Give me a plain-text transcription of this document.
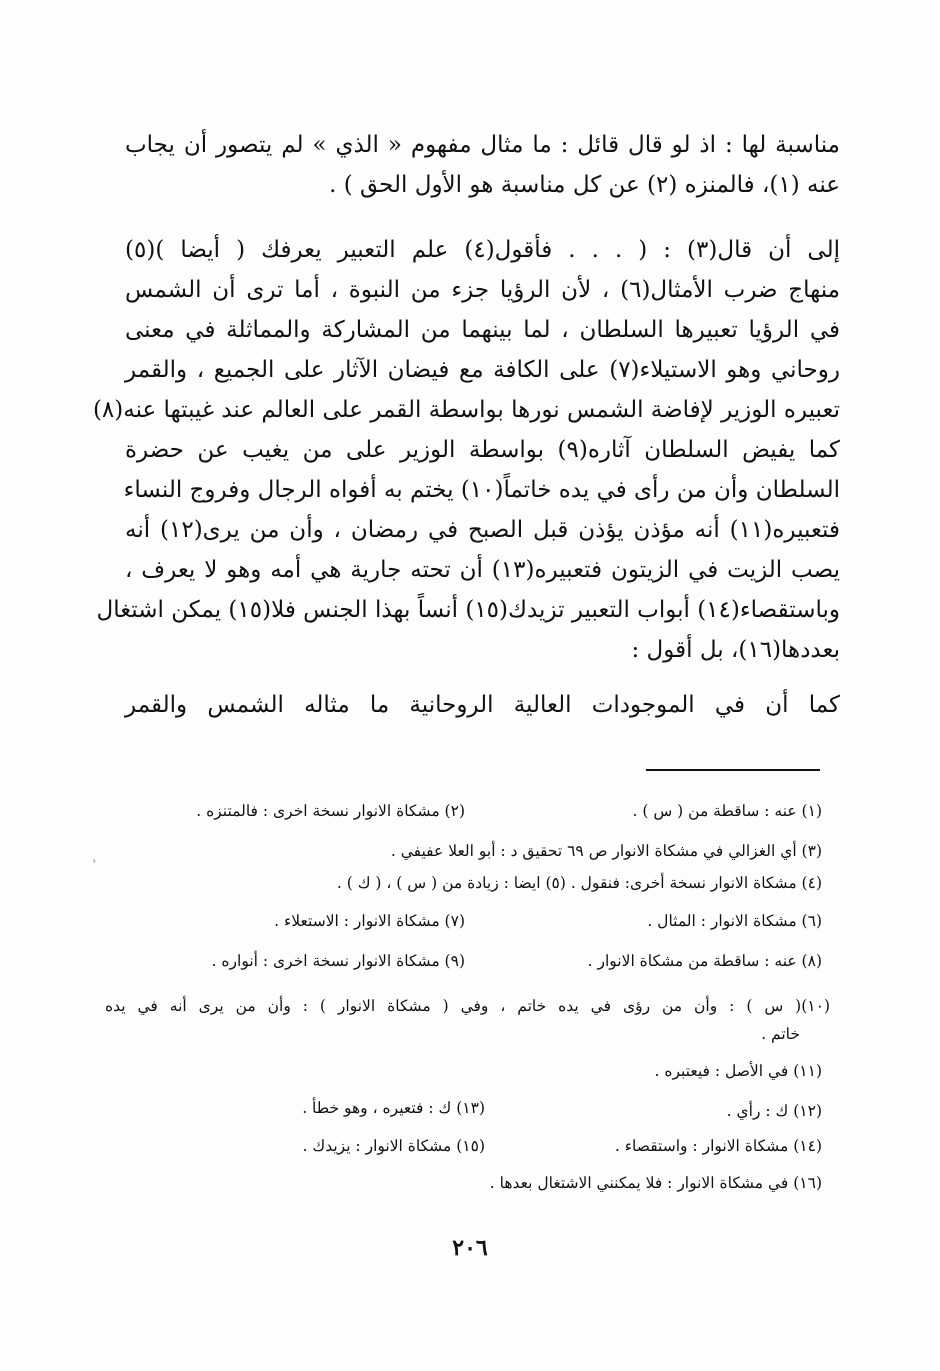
مناسبة لها : اذ لو قال قائل : ما مثال مفهوم « الذي » لم يتصور أن يجاب
عنه (١)، فالمنزه (٢) عن كل مناسبة هو الأول الحق ) .
إلى أن قال(٣) : ( . . . فأقول(٤) علم التعبير يعرفك ( أيضا )(٥)
منهاج ضرب الأمثال(٦) ، لأن الرؤيا جزء من النبوة ، أما ترى أن الشمس
في الرؤيا تعبيرها السلطان ، لما بينهما من المشاركة والمماثلة في معنى
روحاني وهو الاستيلاء(٧) على الكافة مع فيضان الآثار على الجميع ، والقمر
تعبيره الوزير لإفاضة الشمس نورها بواسطة القمر على العالم عند غيبتها عنه(٨)
كما يفيض السلطان آثاره(٩) بواسطة الوزير على من يغيب عن حضرة
السلطان وأن من رأى في يده خاتماً(١٠) يختم به أفواه الرجال وفروج النساء
فتعبيره(١١) أنه مؤذن يؤذن قبل الصبح في رمضان ، وأن من يرى(١٢) أنه
يصب الزيت في الزيتون فتعبيره(١٣) أن تحته جارية هي أمه وهو لا يعرف ،
وباستقصاء(١٤) أبواب التعبير تزيدك(١٥) أنساً بهذا الجنس فلا(١٥) يمكن اشتغال
بعددها(١٦)، بل أقول :
كما أن في الموجودات العالية الروحانية ما مثاله الشمس والقمر
(١) عنه : ساقطة من ( س ) .
(٢) مشكاة الانوار نسخة اخرى : فالمتنزه .
(٣) أي الغزالي في مشكاة الانوار ص ٦٩ تحقيق د : أبو العلا عفيفي .
(٤) مشكاة الانوار نسخة أخرى: فنقول . (٥) ايضا : زيادة من ( س ) ، ( ك ) .
(٦) مشكاة الانوار : المثال .
(٧) مشكاة الانوار : الاستعلاء .
(٨) عنه : ساقطة من مشكاة الانوار .
(٩) مشكاة الانوار نسخة اخرى : أنواره .
(١٠)( س ) : وأن من رؤى في يده خاتم ، وفي ( مشكاة الانوار ) : وأن من يرى أنه في يده
خاتم .
(١١) في الأصل : فيعتبره .
(١٢) ك : رأي .
(١٣) ك : فتعيره ، وهو خطأ .
(١٤) مشكاة الانوار : واستقصاء .
(١٥) مشكاة الانوار : يزيدك .
(١٦) في مشكاة الانوار : فلا يمكنني الاشتغال بعدها .
٢٠٦
‹
